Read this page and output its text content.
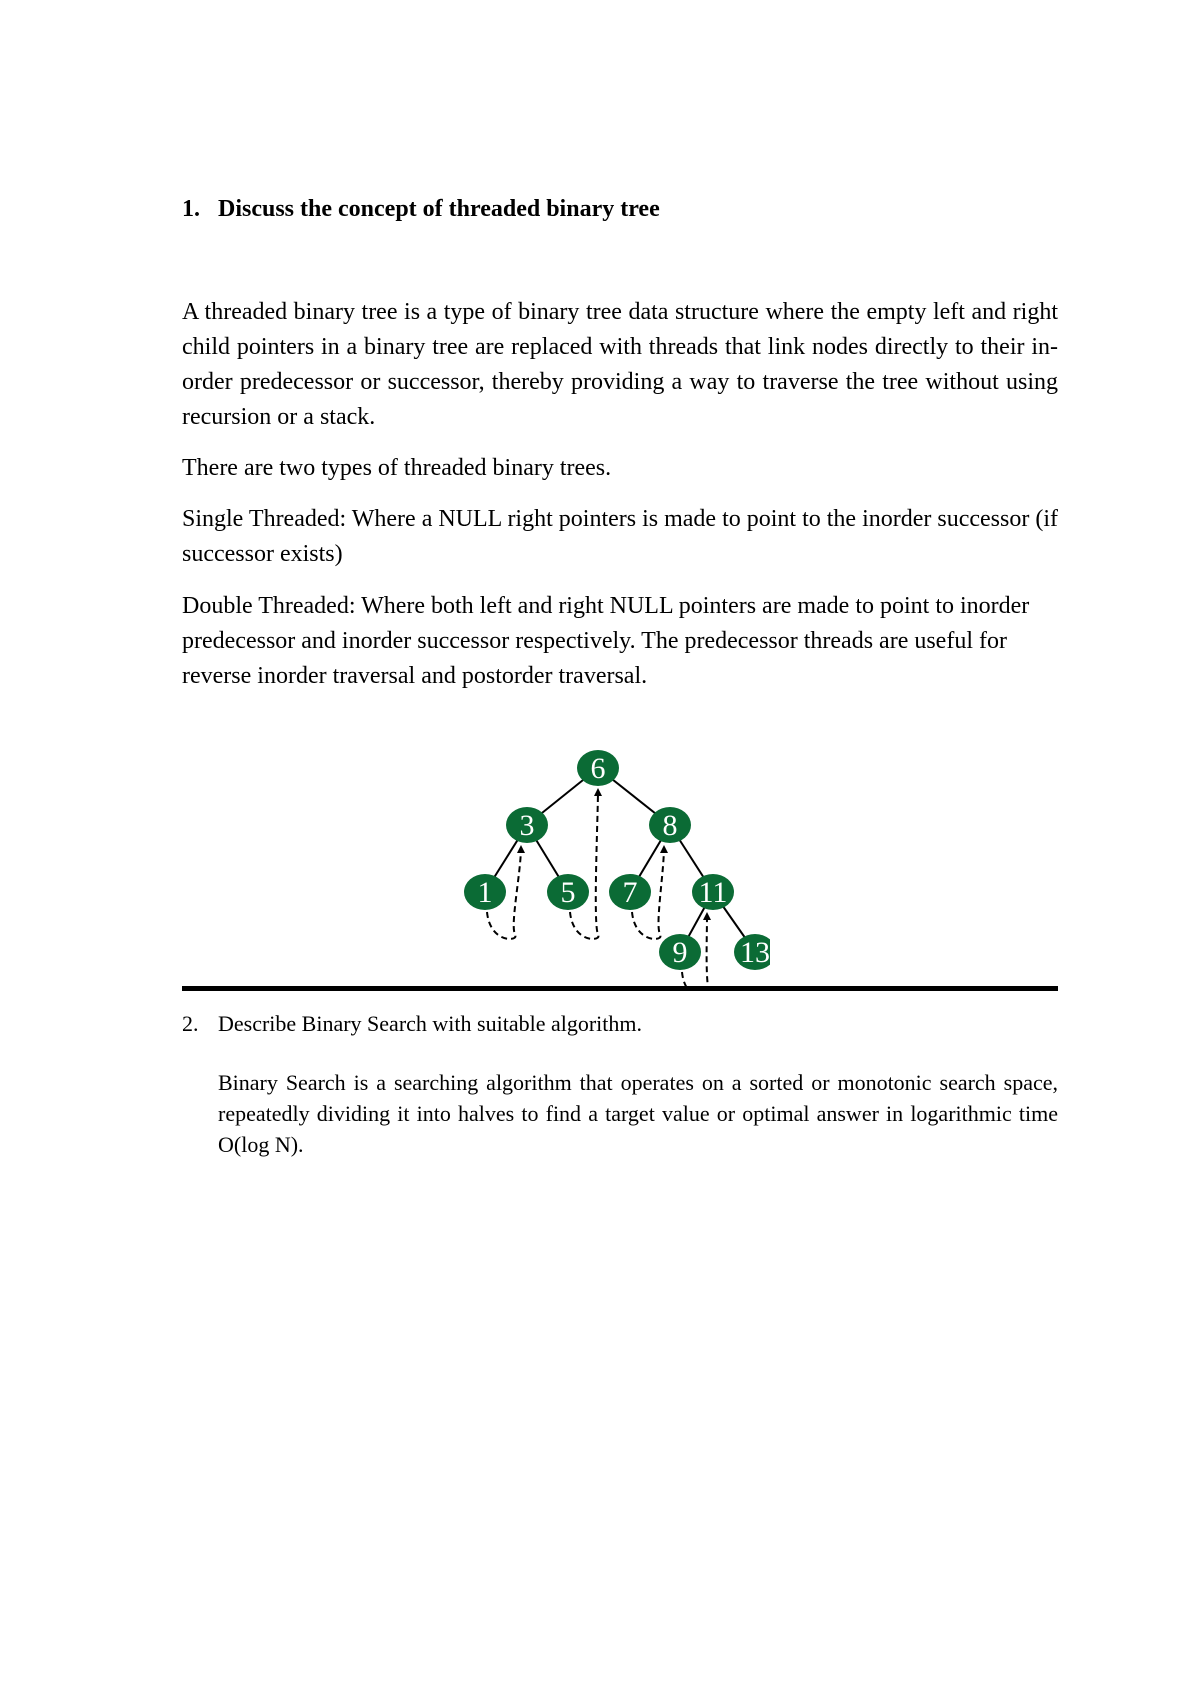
1. Discuss the concept of threaded binary tree

A threaded binary tree is a type of binary tree data structure where the empty left and right child pointers in a binary tree are replaced with threads that link nodes directly to their in-order predecessor or successor, thereby providing a way to traverse the tree without using recursion or a stack.

There are two types of threaded binary trees.

Single Threaded: Where a NULL right pointers is made to point to the inorder successor (if successor exists)

Double Threaded: Where both left and right NULL pointers are made to point to inorder predecessor and inorder successor respectively. The predecessor threads are useful for reverse inorder traversal and postorder traversal.

6
3	8
1 5 7 11
9 13
2. Describe Binary Search with suitable algorithm.

Binary Search is a searching algorithm that operates on a sorted or monotonic search space, repeatedly dividing it into halves to find a target value or optimal answer in logarithmic time O(log N).
